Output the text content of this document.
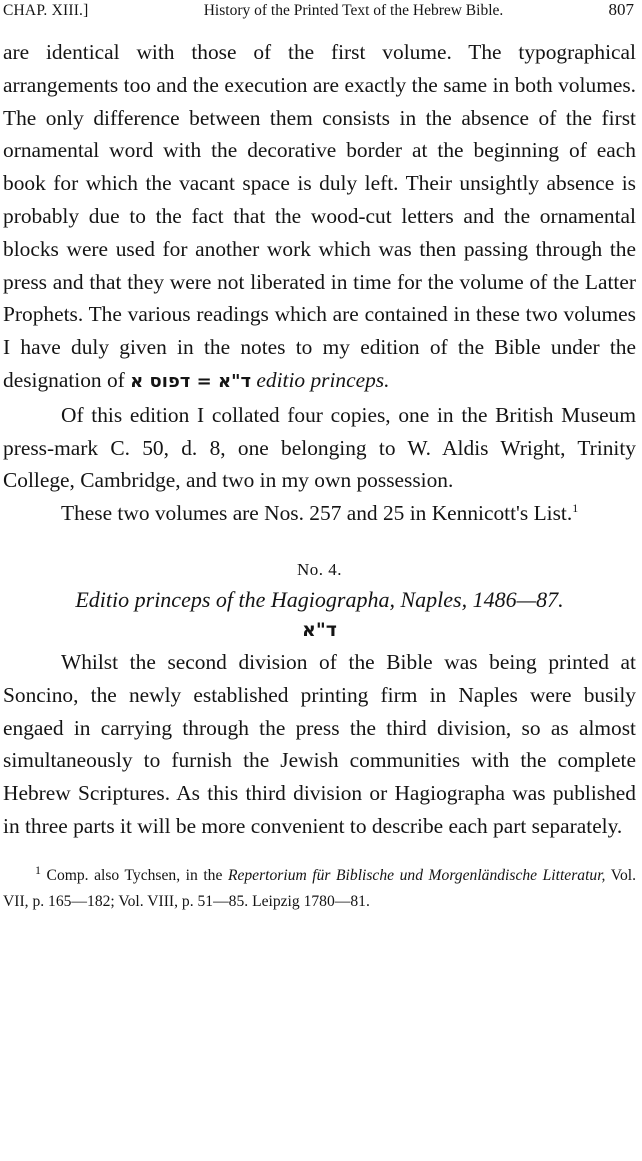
CHAP. XIII.]	History of the Printed Text of the Hebrew Bible.	807

are identical with those of the first volume. The typographical arrangements too and the execution are exactly the same in both volumes. The only difference between them consists in the absence of the first ornamental word with the decorative border at the beginning of each book for which the vacant space is duly left. Their unsightly absence is probably due to the fact that the wood-cut letters and the ornamental blocks were used for another work which was then passing through the press and that they were not liberated in time for the volume of the Latter Prophets. The various readings which are contained in these two volumes I have duly given in the notes to my edition of the Bible under the designation of ד"א = דפוס א editio princeps.

Of this edition I collated four copies, one in the British Museum press-mark C. 50, d. 8, one belonging to W. Aldis Wright, Trinity College, Cambridge, and two in my own possession.

These two volumes are Nos. 257 and 25 in Kennicott's List.$^1$

No. 4.
Editio princeps of the Hagiographa, Naples, 1486—87.
ד"א

Whilst the second division of the Bible was being printed at Soncino, the newly established printing firm in Naples were busily engaed in carrying through the press the third division, so as almost simultaneously to furnish the Jewish communities with the complete Hebrew Scriptures. As this third division or Hagiographa was published in three parts it will be more convenient to describe each part separately.

$^1$ Comp. also Tychsen, in the Repertorium für Biblische und Morgenländische Litteratur, Vol. VII, p. 165—182; Vol. VIII, p. 51—85. Leipzig 1780—81.
